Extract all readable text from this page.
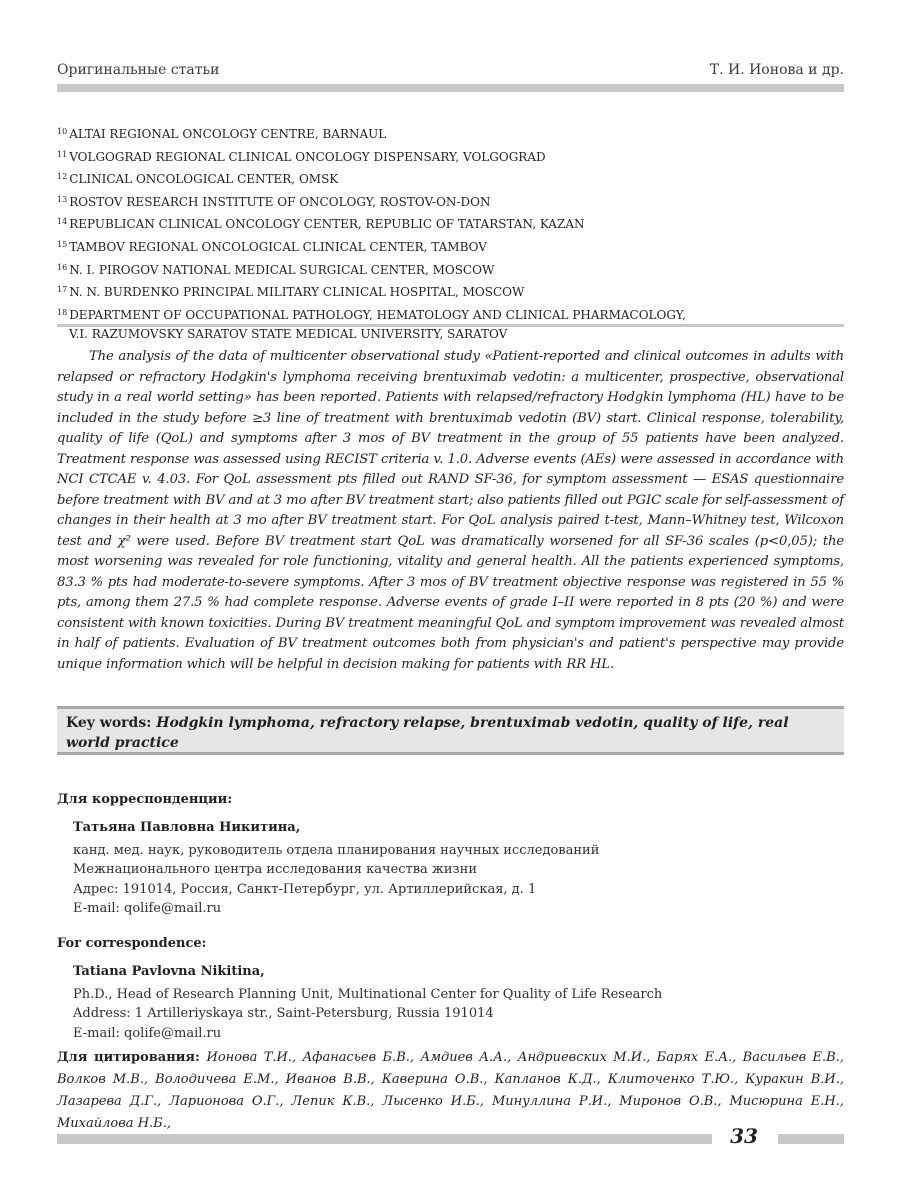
Оригинальные статьи	Т. И. Ионова и др.
$^{10}$ ALTAI REGIONAL ONCOLOGY CENTRE, BARNAUL
$^{11}$ VOLGOGRAD REGIONAL CLINICAL ONCOLOGY DISPENSARY, VOLGOGRAD
$^{12}$ CLINICAL ONCOLOGICAL CENTER, OMSK
$^{13}$ ROSTOV RESEARCH INSTITUTE OF ONCOLOGY, ROSTOV-ON-DON
$^{14}$ REPUBLICAN CLINICAL ONCOLOGY CENTER, REPUBLIC OF TATARSTAN, KAZAN
$^{15}$ TAMBOV REGIONAL ONCOLOGICAL CLINICAL CENTER, TAMBOV
$^{16}$ N. I. PIROGOV NATIONAL MEDICAL SURGICAL CENTER, MOSCOW
$^{17}$ N. N. BURDENKO PRINCIPAL MILITARY CLINICAL HOSPITAL, MOSCOW
$^{18}$ DEPARTMENT OF OCCUPATIONAL PATHOLOGY, HEMATOLOGY AND CLINICAL PHARMACOLOGY,
V.I. RAZUMOVSKY SARATOV STATE MEDICAL UNIVERSITY, SARATOV

The analysis of the data of multicenter observational study «Patient-reported and clinical outcomes in adults with relapsed or refractory Hodgkin's lymphoma receiving brentuximab vedotin: a multicenter, prospective, observational study in a real world setting» has been reported. Patients with relapsed/refractory Hodgkin lymphoma (HL) have to be included in the study before ≥3 line of treatment with brentuximab vedotin (BV) start. Clinical response, tolerability, quality of life (QoL) and symptoms after 3 mos of BV treatment in the group of 55 patients have been analyzed. Treatment response was assessed using RECIST criteria v. 1.0. Adverse events (AEs) were assessed in accordance with NCI CTCAE v. 4.03. For QoL assessment pts filled out RAND SF-36, for symptom assessment — ESAS questionnaire before treatment with BV and at 3 mo after BV treatment start; also patients filled out PGIC scale for self-assessment of changes in their health at 3 mo after BV treatment start. For QoL analysis paired t-test, Mann–Whitney test, Wilcoxon test and χ² were used. Before BV treatment start QoL was dramatically worsened for all SF-36 scales (p<0,05); the most worsening was revealed for role functioning, vitality and general health. All the patients experienced symptoms, 83.3 % pts had moderate-to-severe symptoms. After 3 mos of BV treatment objective response was registered in 55 % pts, among them 27.5 % had complete response. Adverse events of grade I–II were reported in 8 pts (20 %) and were consistent with known toxicities. During BV treatment meaningful QoL and symptom improvement was revealed almost in half of patients. Evaluation of BV treatment outcomes both from physician's and patient's perspective may provide unique information which will be helpful in decision making for patients with RR HL.

Key words: Hodgkin lymphoma, refractory relapse, brentuximab vedotin, quality of life, real world practice
Для корреспонденции:
Татьяна Павловна Никитина,
канд. мед. наук, руководитель отдела планирования научных исследований
Межнационального центра исследования качества жизни
Адрес: 191014, Россия, Санкт-Петербург, ул. Артиллерийская, д. 1
E-mail: qolife@mail.ru
For correspondence:
Tatiana Pavlovna Nikitina,
Ph.D., Head of Research Planning Unit, Multinational Center for Quality of Life Research
Address: 1 Artilleriyskaya str., Saint-Petersburg, Russia 191014
E-mail: qolife@mail.ru
Для цитирования: Ионова Т.И., Афанасьев Б.В., Амдиев А.А., Андриевских М.И., Барях Е.А., Васильев Е.В., Волков М.В., Володичева Е.М., Иванов В.В., Каверина О.В., Капланов К.Д., Клиточенко Т.Ю., Куракин В.И., Лазарева Д.Г., Ларионова О.Г., Лепик К.В., Лысенко И.Б., Минуллина Р.И., Миронов О.В., Мисюрина Е.Н., Михайлова Н.Б.,
33
